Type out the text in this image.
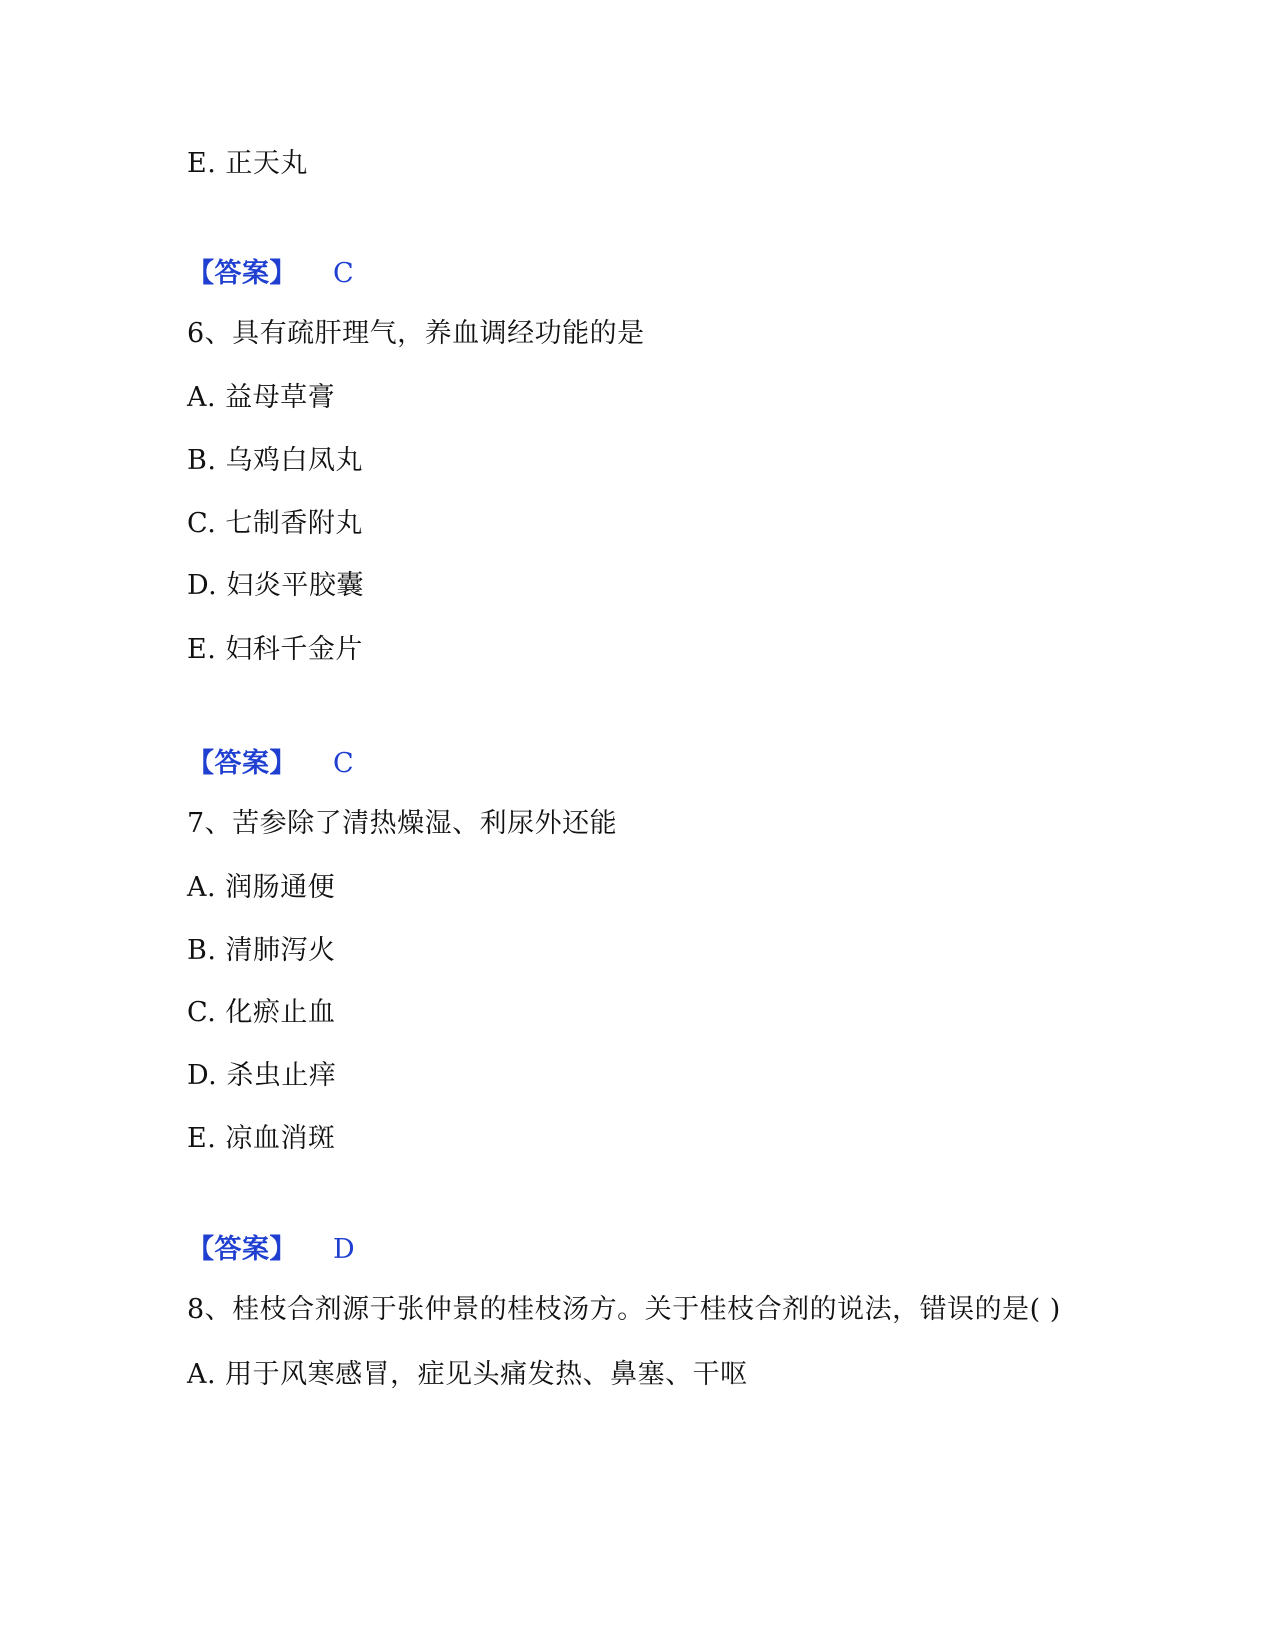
E. 正天丸
【答案】 C
6、具有疏肝理气，养血调经功能的是
A. 益母草膏
B. 乌鸡白凤丸
C. 七制香附丸
D. 妇炎平胶囊
E. 妇科千金片
【答案】 C
7、苦参除了清热燥湿、利尿外还能
A. 润肠通便
B. 清肺泻火
C. 化瘀止血
D. 杀虫止痒
E. 凉血消斑
【答案】 D
8、桂枝合剂源于张仲景的桂枝汤方。关于桂枝合剂的说法，错误的是( )
A. 用于风寒感冒，症见头痛发热、鼻塞、干呕
